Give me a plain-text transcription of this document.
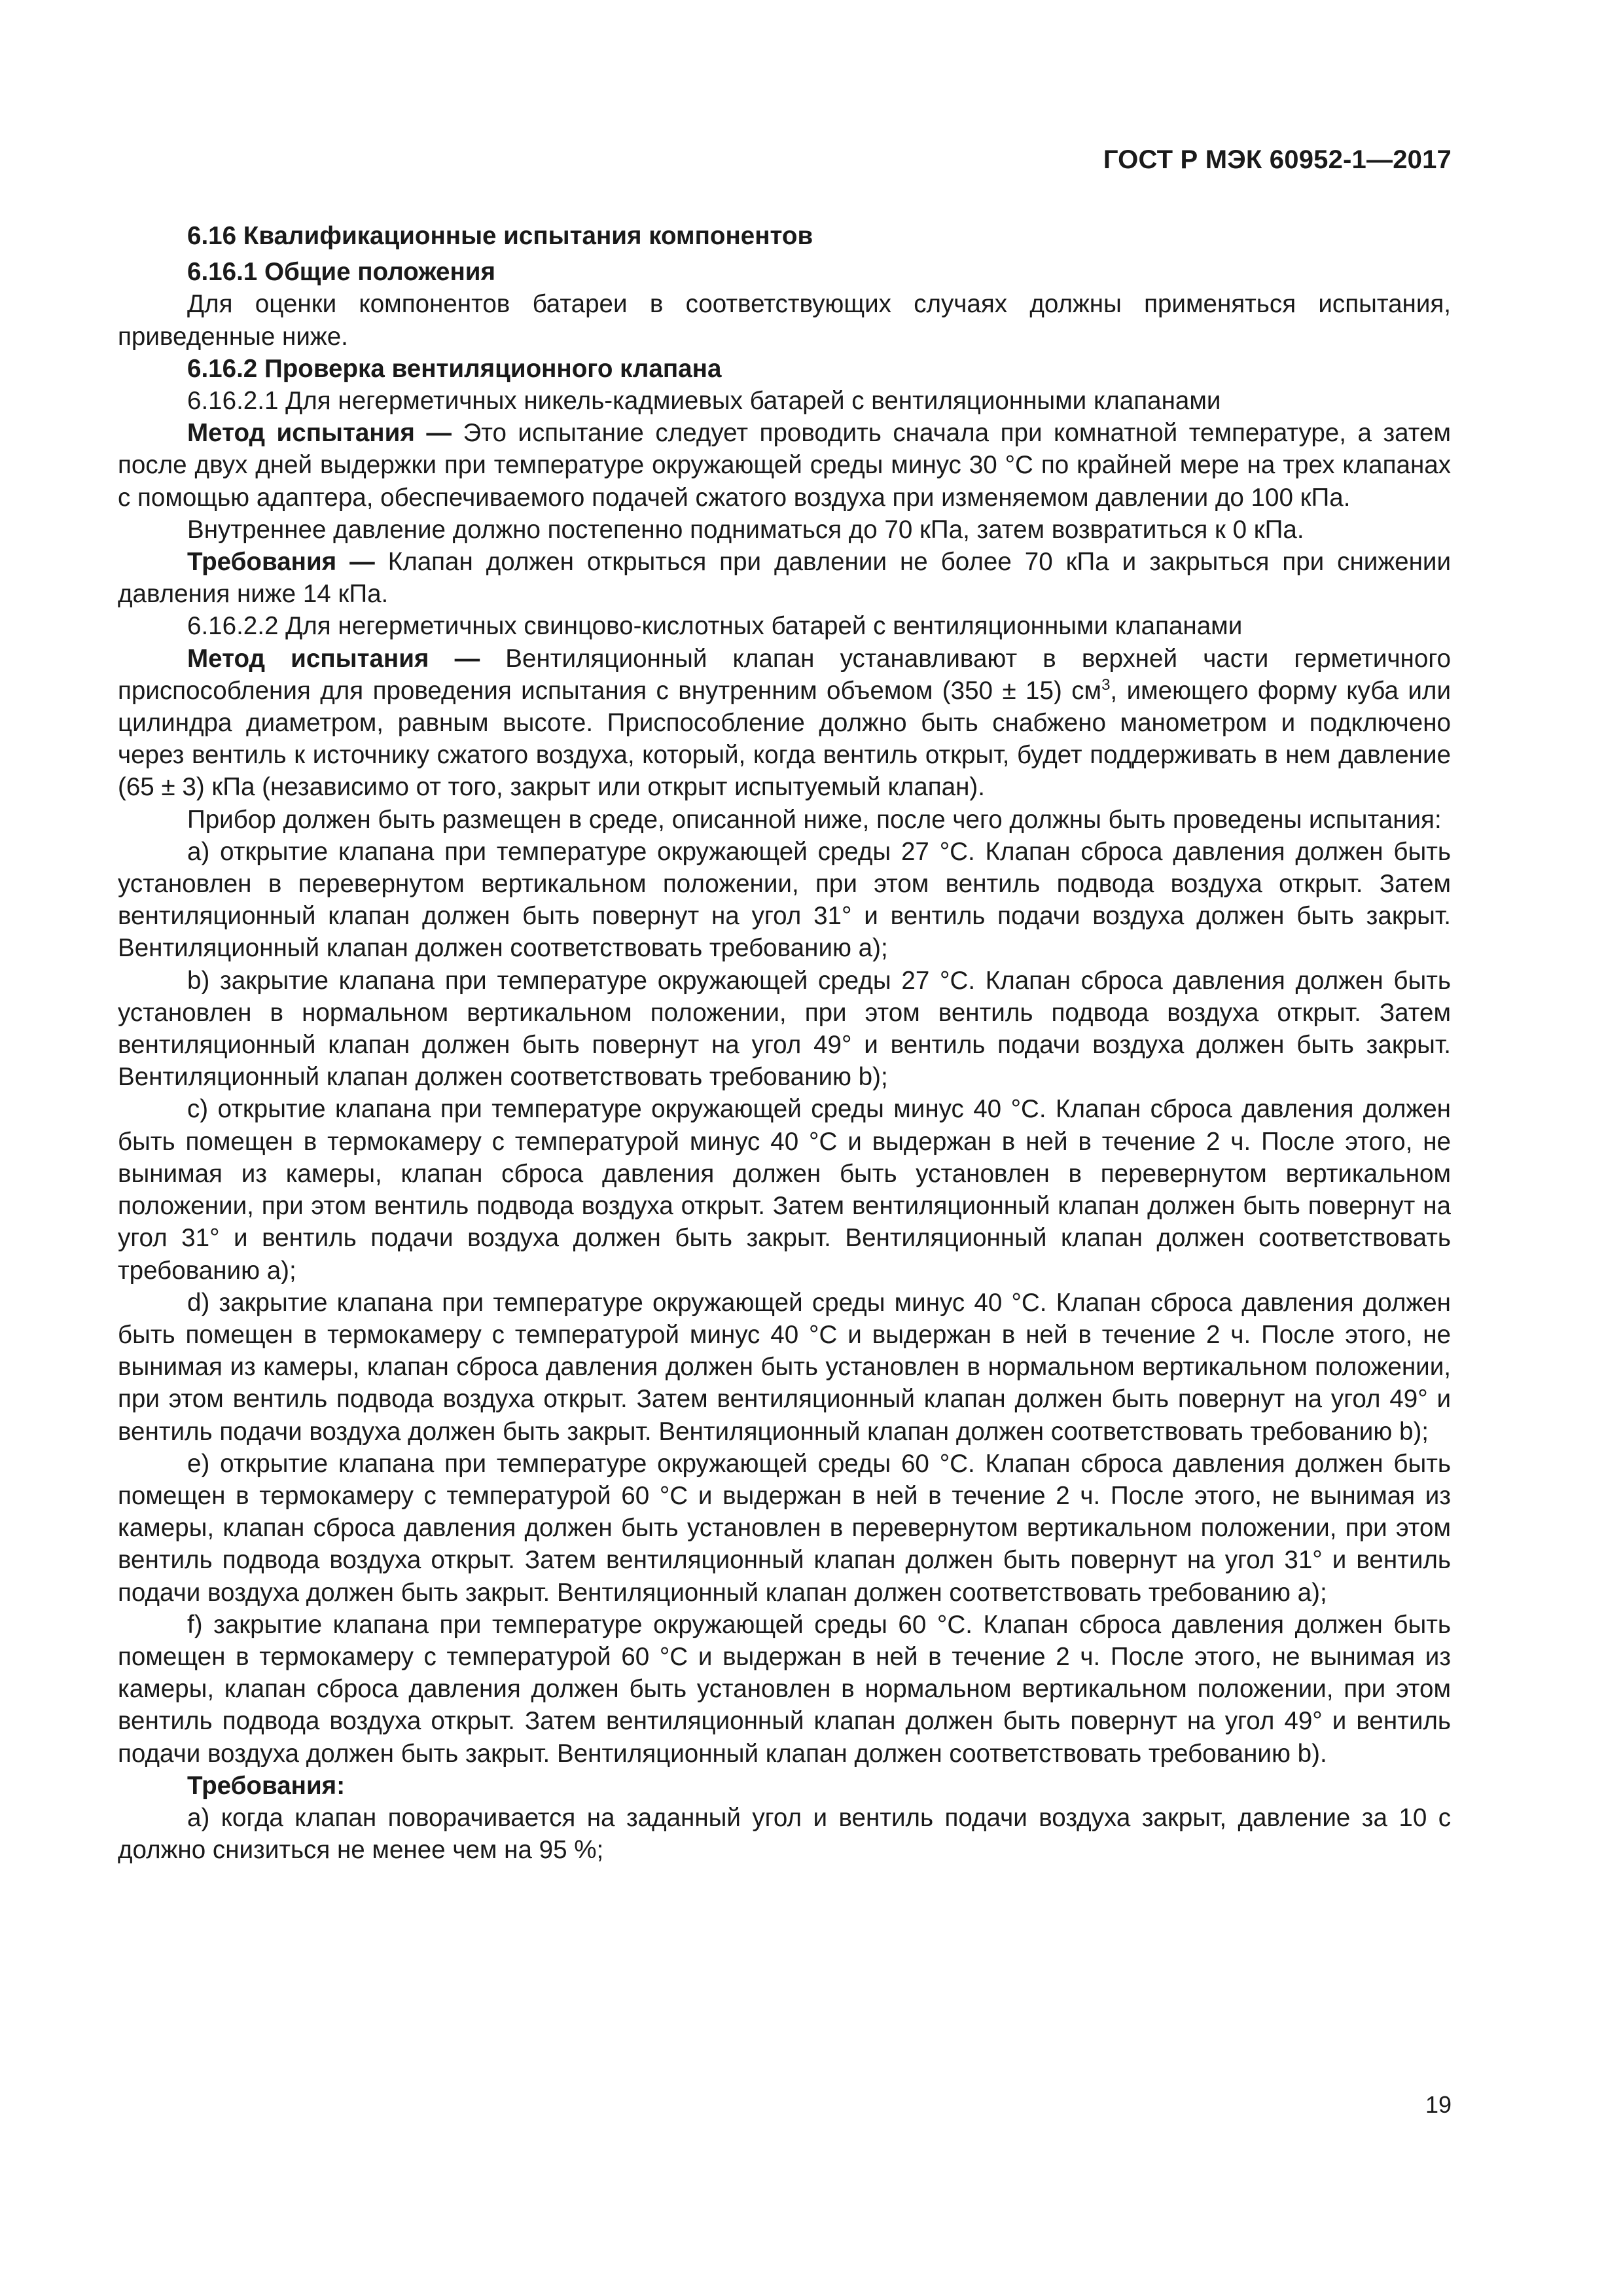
ГОСТ Р МЭК 60952-1—2017

6.16 Квалификационные испытания компонентов

6.16.1 Общие положения

Для оценки компонентов батареи в соответствующих случаях должны применяться испытания, приведенные ниже.

6.16.2 Проверка вентиляционного клапана

6.16.2.1 Для негерметичных никель-кадмиевых батарей с вентиляционными клапанами

Метод испытания — Это испытание следует проводить сначала при комнатной температуре, а затем после двух дней выдержки при температуре окружающей среды минус 30 °С по крайней мере на трех клапанах с помощью адаптера, обеспечиваемого подачей сжатого воздуха при изменяемом давлении до 100 кПа.

Внутреннее давление должно постепенно подниматься до 70 кПа, затем возвратиться к 0 кПа.

Требования — Клапан должен открыться при давлении не более 70 кПа и закрыться при снижении давления ниже 14 кПа.

6.16.2.2 Для негерметичных свинцово-кислотных батарей с вентиляционными клапанами

Метод испытания — Вентиляционный клапан устанавливают в верхней части герметичного приспособления для проведения испытания с внутренним объемом (350 ± 15) $см^3$, имеющего форму куба или цилиндра диаметром, равным высоте. Приспособление должно быть снабжено манометром и подключено через вентиль к источнику сжатого воздуха, который, когда вентиль открыт, будет поддерживать в нем давление (65 ± 3) кПа (независимо от того, закрыт или открыт испытуемый клапан).

Прибор должен быть размещен в среде, описанной ниже, после чего должны быть проведены испытания:

a) открытие клапана при температуре окружающей среды 27 °С. Клапан сброса давления должен быть установлен в перевернутом вертикальном положении, при этом вентиль подвода воздуха открыт. Затем вентиляционный клапан должен быть повернут на угол 31° и вентиль подачи воздуха должен быть закрыт. Вентиляционный клапан должен соответствовать требованию а);

b) закрытие клапана при температуре окружающей среды 27 °С. Клапан сброса давления должен быть установлен в нормальном вертикальном положении, при этом вентиль подвода воздуха открыт. Затем вентиляционный клапан должен быть повернут на угол 49° и вентиль подачи воздуха должен быть закрыт. Вентиляционный клапан должен соответствовать требованию b);

c) открытие клапана при температуре окружающей среды минус 40 °С. Клапан сброса давления должен быть помещен в термокамеру с температурой минус 40 °С и выдержан в ней в течение 2 ч. После этого, не вынимая из камеры, клапан сброса давления должен быть установлен в перевернутом вертикальном положении, при этом вентиль подвода воздуха открыт. Затем вентиляционный клапан должен быть повернут на угол 31° и вентиль подачи воздуха должен быть закрыт. Вентиляционный клапан должен соответствовать требованию а);

d) закрытие клапана при температуре окружающей среды минус 40 °С. Клапан сброса давления должен быть помещен в термокамеру с температурой минус 40 °С и выдержан в ней в течение 2 ч. После этого, не вынимая из камеры, клапан сброса давления должен быть установлен в нормальном вертикальном положении, при этом вентиль подвода воздуха открыт. Затем вентиляционный клапан должен быть повернут на угол 49° и вентиль подачи воздуха должен быть закрыт. Вентиляционный клапан должен соответствовать требованию b);

e) открытие клапана при температуре окружающей среды 60 °С. Клапан сброса давления должен быть помещен в термокамеру с температурой 60 °С и выдержан в ней в течение 2 ч. После этого, не вынимая из камеры, клапан сброса давления должен быть установлен в перевернутом вертикальном положении, при этом вентиль подвода воздуха открыт. Затем вентиляционный клапан должен быть повернут на угол 31° и вентиль подачи воздуха должен быть закрыт. Вентиляционный клапан должен соответствовать требованию а);

f) закрытие клапана при температуре окружающей среды 60 °С. Клапан сброса давления должен быть помещен в термокамеру с температурой 60 °С и выдержан в ней в течение 2 ч. После этого, не вынимая из камеры, клапан сброса давления должен быть установлен в нормальном вертикальном положении, при этом вентиль подвода воздуха открыт. Затем вентиляционный клапан должен быть повернут на угол 49° и вентиль подачи воздуха должен быть закрыт. Вентиляционный клапан должен соответствовать требованию b).

Требования:

а) когда клапан поворачивается на заданный угол и вентиль подачи воздуха закрыт, давление за 10 с должно снизиться не менее чем на 95 %;

19
